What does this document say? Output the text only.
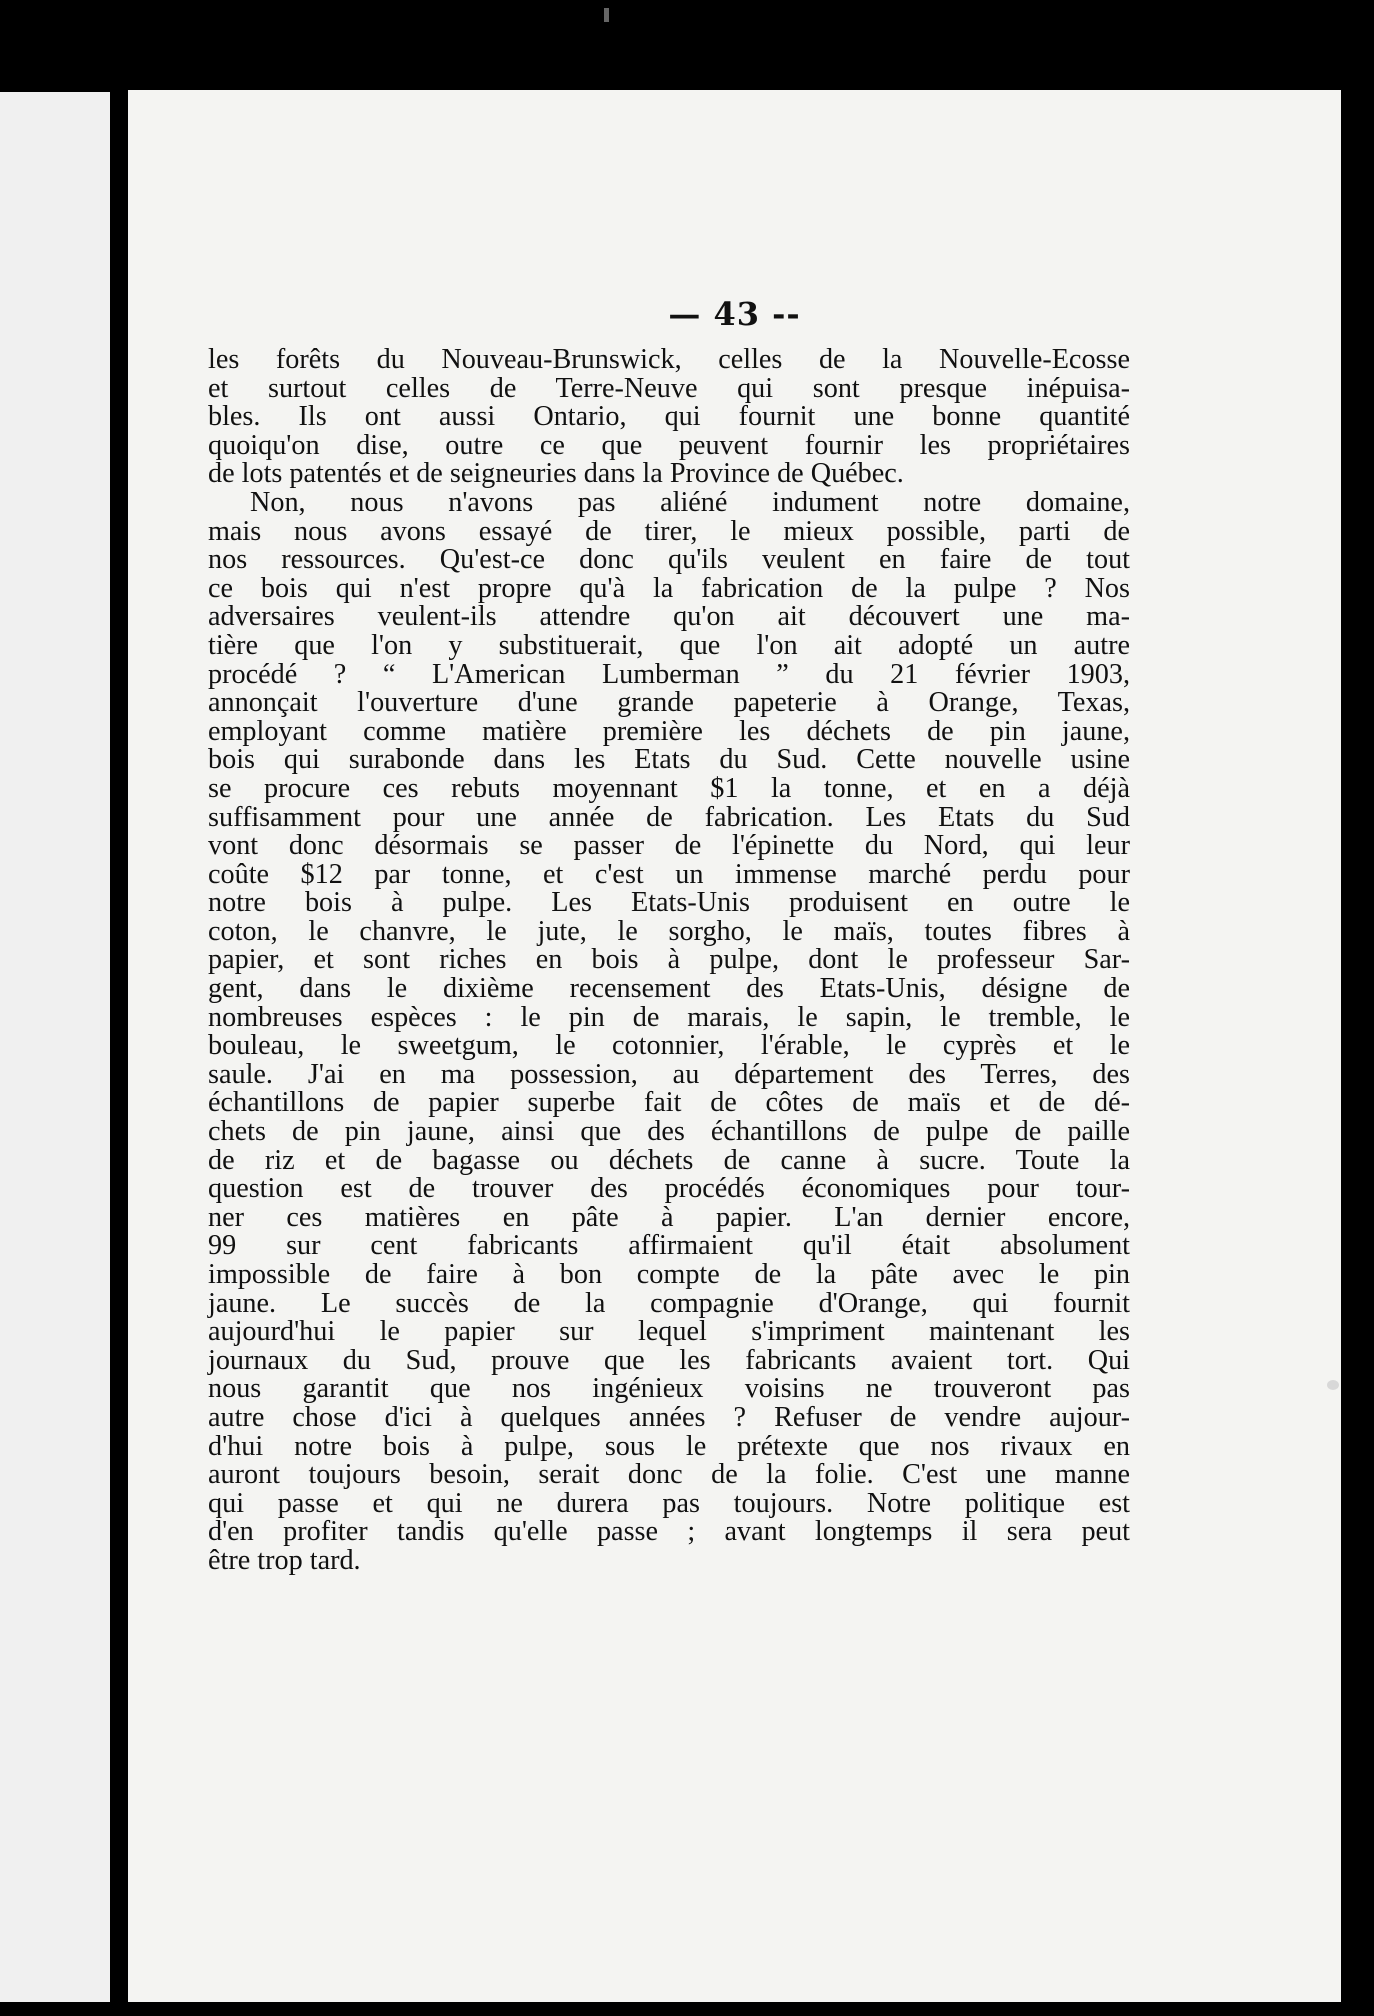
— 43 --
les forêts du Nouveau-Brunswick, celles de la Nouvelle-Ecosse
et surtout celles de Terre-Neuve qui sont presque inépuisa-
bles. Ils ont aussi Ontario, qui fournit une bonne quantité
quoiqu'on dise, outre ce que peuvent fournir les propriétaires
de lots patentés et de seigneuries dans la Province de Québec.
Non, nous n'avons pas aliéné indument notre domaine,
mais nous avons essayé de tirer, le mieux possible, parti de
nos ressources. Qu'est-ce donc qu'ils veulent en faire de tout
ce bois qui n'est propre qu'à la fabrication de la pulpe ? Nos
adversaires veulent-ils attendre qu'on ait découvert une ma-
tière que l'on y substituerait, que l'on ait adopté un autre
procédé ? “ L'American Lumberman ” du 21 février 1903,
annonçait l'ouverture d'une grande papeterie à Orange, Texas,
employant comme matière première les déchets de pin jaune,
bois qui surabonde dans les Etats du Sud. Cette nouvelle usine
se procure ces rebuts moyennant $1 la tonne, et en a déjà
suffisamment pour une année de fabrication. Les Etats du Sud
vont donc désormais se passer de l'épinette du Nord, qui leur
coûte $12 par tonne, et c'est un immense marché perdu pour
notre bois à pulpe. Les Etats-Unis produisent en outre le
coton, le chanvre, le jute, le sorgho, le maïs, toutes fibres à
papier, et sont riches en bois à pulpe, dont le professeur Sar-
gent, dans le dixième recensement des Etats-Unis, désigne de
nombreuses espèces : le pin de marais, le sapin, le tremble, le
bouleau, le sweetgum, le cotonnier, l'érable, le cyprès et le
saule. J'ai en ma possession, au département des Terres, des
échantillons de papier superbe fait de côtes de maïs et de dé-
chets de pin jaune, ainsi que des échantillons de pulpe de paille
de riz et de bagasse ou déchets de canne à sucre. Toute la
question est de trouver des procédés économiques pour tour-
ner ces matières en pâte à papier. L'an dernier encore,
99 sur cent fabricants affirmaient qu'il était absolument
impossible de faire à bon compte de la pâte avec le pin
jaune. Le succès de la compagnie d'Orange, qui fournit
aujourd'hui le papier sur lequel s'impriment maintenant les
journaux du Sud, prouve que les fabricants avaient tort. Qui
nous garantit que nos ingénieux voisins ne trouveront pas
autre chose d'ici à quelques années ? Refuser de vendre aujour-
d'hui notre bois à pulpe, sous le prétexte que nos rivaux en
auront toujours besoin, serait donc de la folie. C'est une manne
qui passe et qui ne durera pas toujours. Notre politique est
d'en profiter tandis qu'elle passe ; avant longtemps il sera peut
être trop tard.
